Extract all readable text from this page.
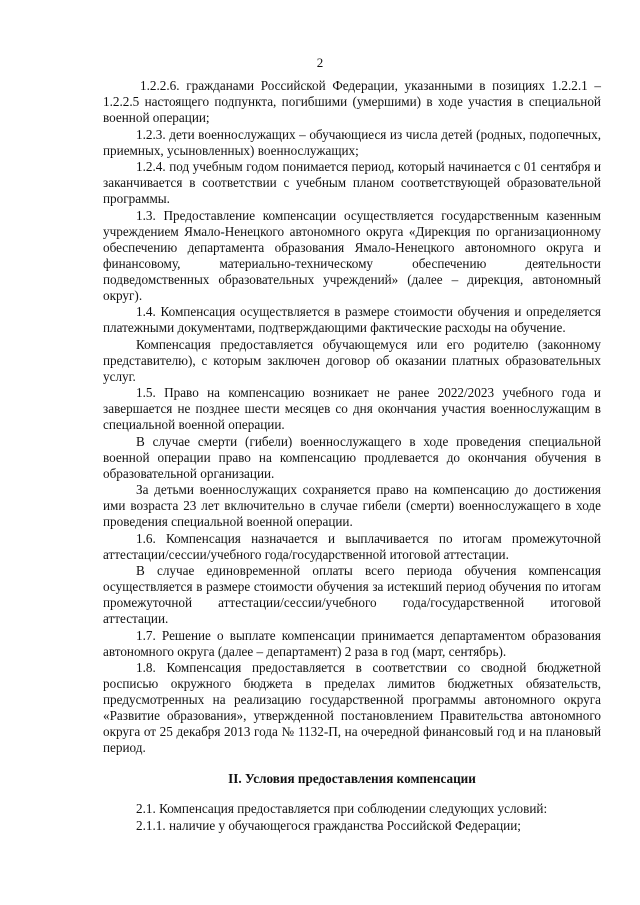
2

1.2.2.6. гражданами Российской Федерации, указанными в позициях 1.2.2.1 – 1.2.2.5 настоящего подпункта, погибшими (умершими) в ходе участия в специальной военной операции;

1.2.3. дети военнослужащих – обучающиеся из числа детей (родных, подопечных, приемных, усыновленных) военнослужащих;

1.2.4. под учебным годом понимается период, который начинается с 01 сентября и заканчивается в соответствии с учебным планом соответствующей образовательной программы.

1.3. Предоставление компенсации осуществляется государственным казенным учреждением Ямало-Ненецкого автономного округа «Дирекция по организационному обеспечению департамента образования Ямало-Ненецкого автономного округа и финансовому, материально-техническому обеспечению деятельности подведомственных образовательных учреждений» (далее – дирекция, автономный округ).

1.4. Компенсация осуществляется в размере стоимости обучения и определяется платежными документами, подтверждающими фактические расходы на обучение.

Компенсация предоставляется обучающемуся или его родителю (законному представителю), с которым заключен договор об оказании платных образовательных услуг.

1.5. Право на компенсацию возникает не ранее 2022/2023 учебного года и завершается не позднее шести месяцев со дня окончания участия военнослужащим в специальной военной операции.

В случае смерти (гибели) военнослужащего в ходе проведения специальной военной операции право на компенсацию продлевается до окончания обучения в образовательной организации.

За детьми военнослужащих сохраняется право на компенсацию до достижения ими возраста 23 лет включительно в случае гибели (смерти) военнослужащего в ходе проведения специальной военной операции.

1.6. Компенсация назначается и выплачивается по итогам промежуточной аттестации/сессии/учебного года/государственной итоговой аттестации.

В случае единовременной оплаты всего периода обучения компенсация осуществляется в размере стоимости обучения за истекший период обучения по итогам промежуточной аттестации/сессии/учебного года/государственной итоговой аттестации.

1.7. Решение о выплате компенсации принимается департаментом образования автономного округа (далее – департамент) 2 раза в год (март, сентябрь).

1.8. Компенсация предоставляется в соответствии со сводной бюджетной росписью окружного бюджета в пределах лимитов бюджетных обязательств, предусмотренных на реализацию государственной программы автономного округа «Развитие образования», утвержденной постановлением Правительства автономного округа от 25 декабря 2013 года № 1132-П, на очередной финансовый год и на плановый период.

II. Условия предоставления компенсации

2.1. Компенсация предоставляется при соблюдении следующих условий:

2.1.1. наличие у обучающегося гражданства Российской Федерации;
